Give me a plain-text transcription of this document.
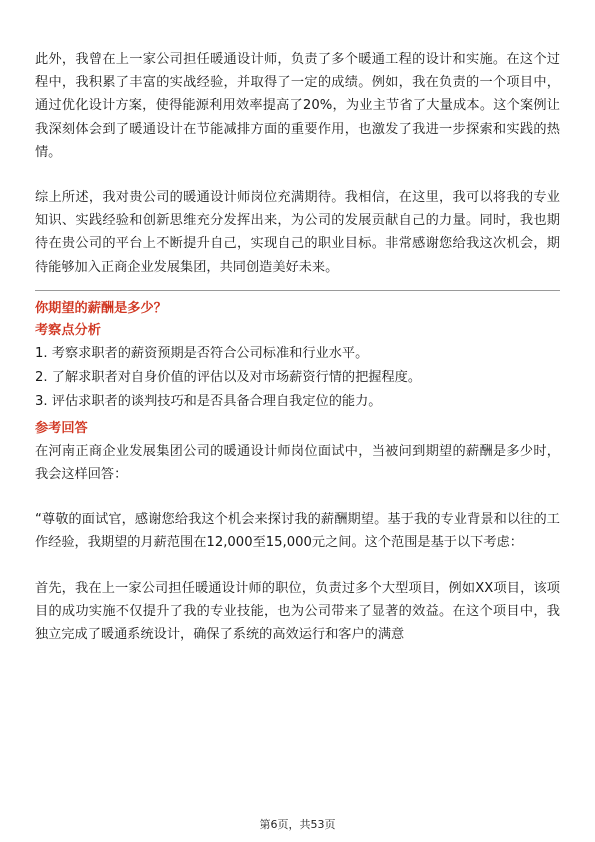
此外，我曾在上一家公司担任暖通设计师，负责了多个暖通工程的设计和实施。在这个过程中，我积累了丰富的实战经验，并取得了一定的成绩。例如，我在负责的一个项目中，通过优化设计方案，使得能源利用效率提高了20%，为业主节省了大量成本。这个案例让我深刻体会到了暖通设计在节能减排方面的重要作用，也激发了我进一步探索和实践的热情。

综上所述，我对贵公司的暖通设计师岗位充满期待。我相信，在这里，我可以将我的专业知识、实践经验和创新思维充分发挥出来，为公司的发展贡献自己的力量。同时，我也期待在贵公司的平台上不断提升自己，实现自己的职业目标。非常感谢您给我这次机会，期待能够加入正商企业发展集团，共同创造美好未来。

你期望的薪酬是多少？

考察点分析

1. 考察求职者的薪资预期是否符合公司标准和行业水平。
2. 了解求职者对自身价值的评估以及对市场薪资行情的把握程度。
3. 评估求职者的谈判技巧和是否具备合理自我定位的能力。

参考回答

在河南正商企业发展集团公司的暖通设计师岗位面试中，当被问到期望的薪酬是多少时，我会这样回答：

“尊敬的面试官，感谢您给我这个机会来探讨我的薪酬期望。基于我的专业背景和以往的工作经验，我期望的月薪范围在12,000至15,000元之间。这个范围是基于以下考虑：

首先，我在上一家公司担任暖通设计师的职位，负责过多个大型项目，例如XX项目，该项目的成功实施不仅提升了我的专业技能，也为公司带来了显著的效益。在这个项目中，我独立完成了暖通系统设计，确保了系统的高效运行和客户的满意

第6页，共53页
